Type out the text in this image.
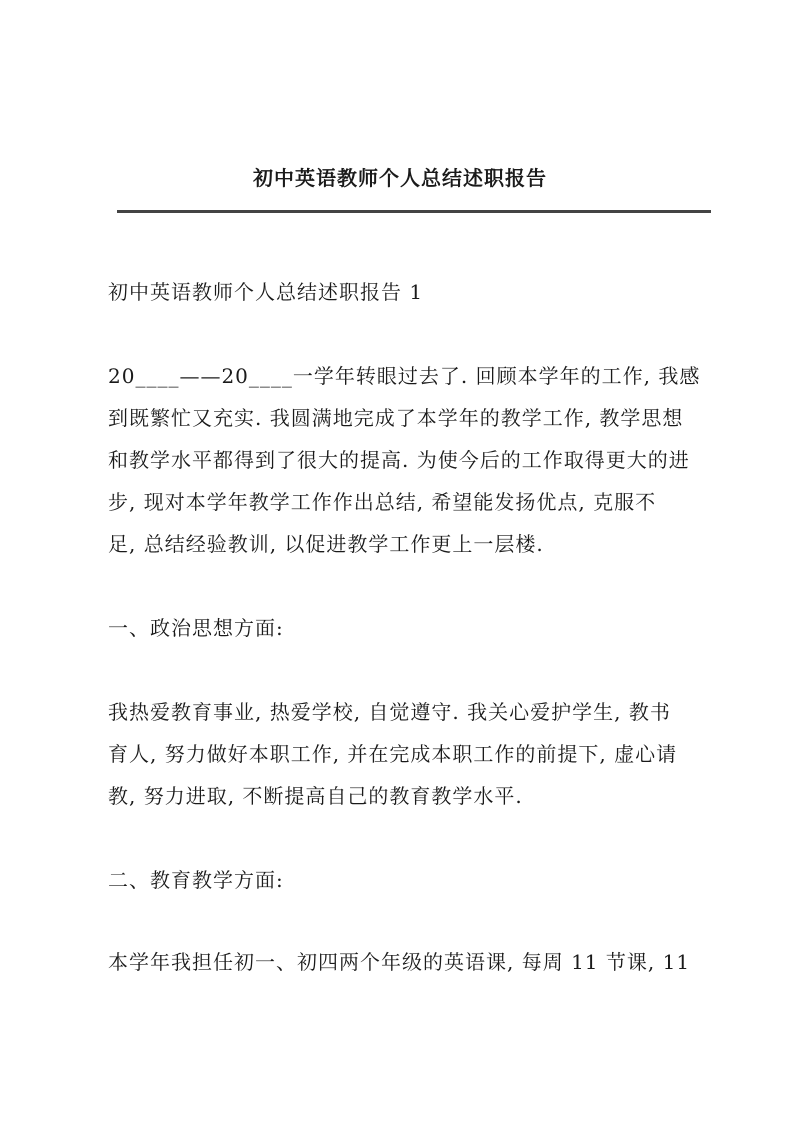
初中英语教师个人总结述职报告
初中英语教师个人总结述职报告 1
20____——20____一学年转眼过去了. 回顾本学年的工作, 我感
到既繁忙又充实. 我圆满地完成了本学年的教学工作, 教学思想
和教学水平都得到了很大的提高. 为使今后的工作取得更大的进
步, 现对本学年教学工作作出总结, 希望能发扬优点, 克服不
足, 总结经验教训, 以促进教学工作更上一层楼.
一、政治思想方面:
我热爱教育事业, 热爱学校, 自觉遵守. 我关心爱护学生, 教书
育人, 努力做好本职工作, 并在完成本职工作的前提下, 虚心请
教, 努力进取, 不断提高自己的教育教学水平.
二、教育教学方面:
本学年我担任初一、初四两个年级的英语课, 每周 11 节课, 11
